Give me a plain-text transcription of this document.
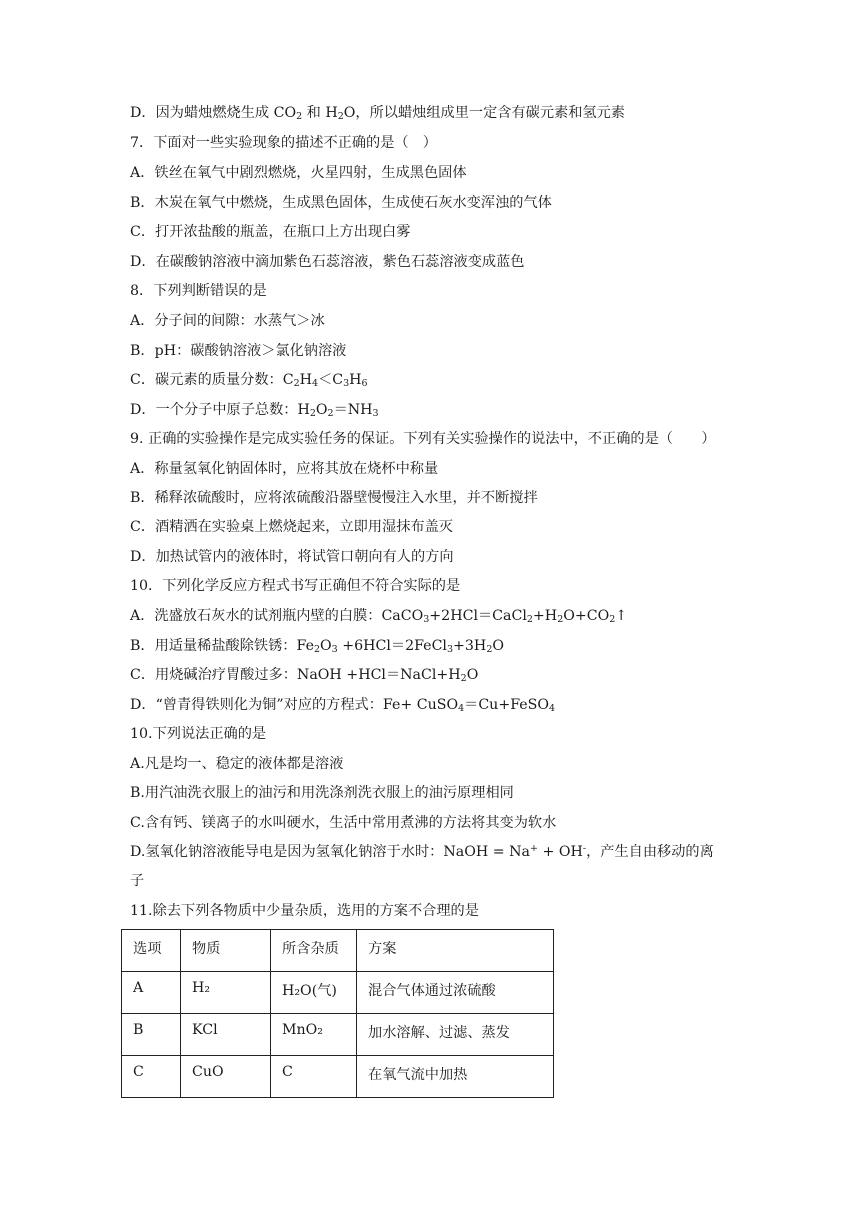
D．因为蜡烛燃烧生成 $CO_2$ 和 $H_2O$，所以蜡烛组成里一定含有碳元素和氢元素
7．下面对一些实验现象的描述不正确的是（　）
A．铁丝在氧气中剧烈燃烧，火星四射，生成黑色固体
B．木炭在氧气中燃烧，生成黑色固体，生成使石灰水变浑浊的气体
C．打开浓盐酸的瓶盖，在瓶口上方出现白雾
D．在碳酸钠溶液中滴加紫色石蕊溶液，紫色石蕊溶液变成蓝色
8．下列判断错误的是
A．分子间的间隙：水蒸气＞冰
B．pH：碳酸钠溶液＞氯化钠溶液
C．碳元素的质量分数：$C_2H_4<C_3H_6$
D．一个分子中原子总数：$H_2O_2=NH_3$
9. 正确的实验操作是完成实验任务的保证。下列有关实验操作的说法中，不正确的是（　　）
A．称量氢氧化钠固体时，应将其放在烧杯中称量
B．稀释浓硫酸时，应将浓硫酸沿器壁慢慢注入水里，并不断搅拌
C．酒精洒在实验桌上燃烧起来，立即用湿抹布盖灭
D．加热试管内的液体时，将试管口朝向有人的方向
10．下列化学反应方程式书写正确但不符合实际的是
A．洗盛放石灰水的试剂瓶内壁的白膜：$CaCO_3+2HCl=CaCl_2+H_2O+CO_2↑$
B．用适量稀盐酸除铁锈：$Fe_2O_3$ $+6HCl=2FeCl_3+3H_2O$
C．用烧碱治疗胃酸过多：NaOH $+HCl=NaCl+H_2O$
D．“曾青得铁则化为铜”对应的方程式：Fe+ CuSO$_4$＝Cu+FeSO$_4$
10.下列说法正确的是
A.凡是均一、稳定的液体都是溶液
B.用汽油洗衣服上的油污和用洗涤剂洗衣服上的油污原理相同
C.含有钙、镁离子的水叫硬水，生活中常用煮沸的方法将其变为软水
D.氢氧化钠溶液能导电是因为氢氧化钠溶于水时：NaOH = Na+ + OH-，产生自由移动的离
子
11.除去下列各物质中少量杂质，选用的方案不合理的是
选项	物质	所含杂质	方案
A	H₂	H₂O(气)	混合气体通过浓硫酸
B	KCl	MnO₂	加水溶解、过滤、蒸发
C	CuO	C	在氧气流中加热
